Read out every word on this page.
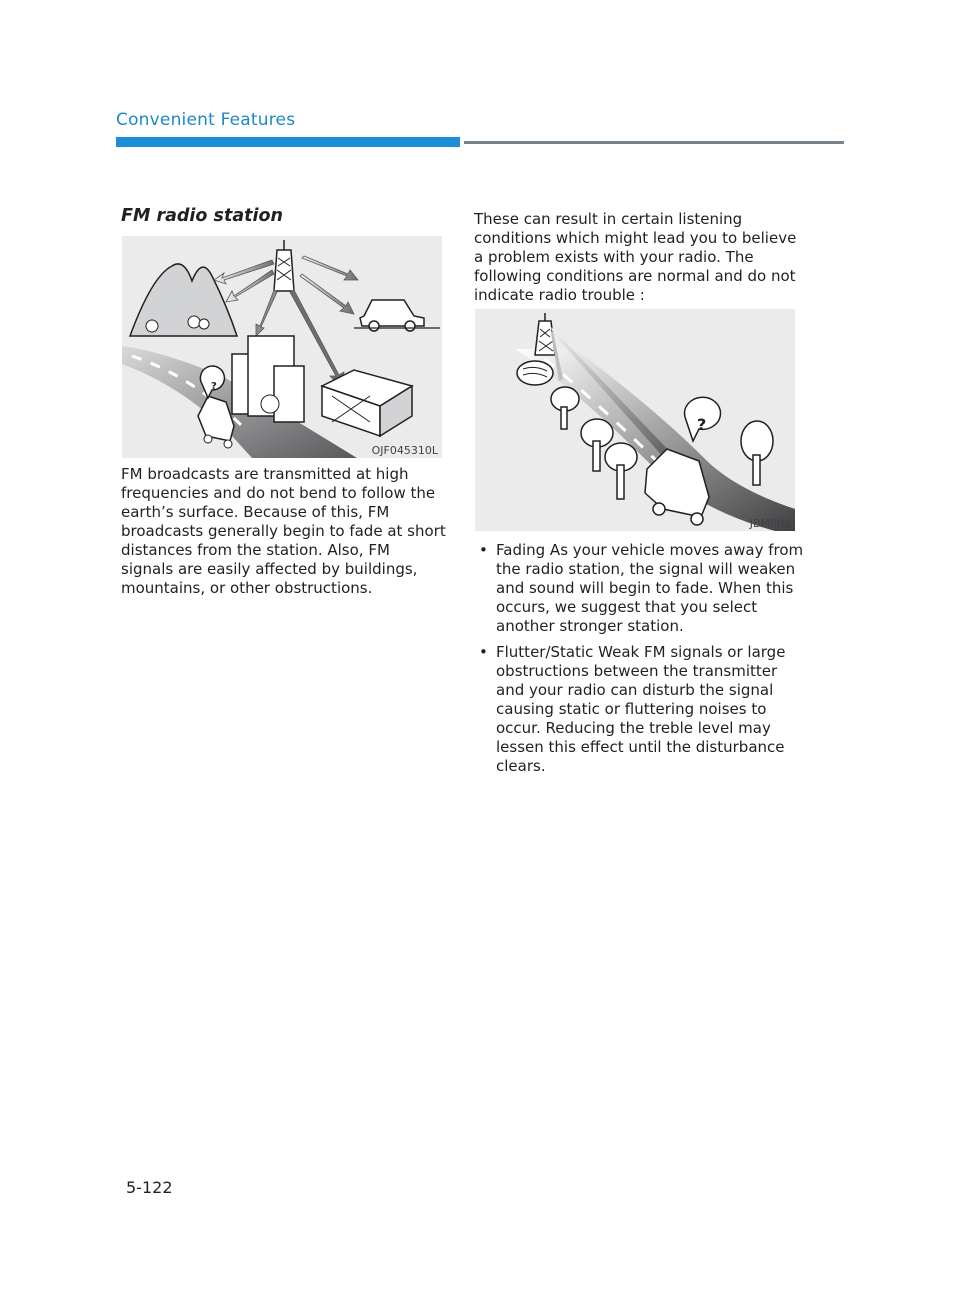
Convenient Features
FM radio station
?
OJF045310L

FM broadcasts are transmitted at high frequencies and do not bend to follow the earth’s surface. Because of this, FM broadcasts generally begin to fade at short distances from the station. Also, FM signals are easily affected by buildings, mountains, or other obstructions.

These can result in certain listening conditions which might lead you to believe a problem exists with your radio. The following conditions are normal and do not indicate radio trouble :

?
JBM004
• Fading As your vehicle moves away from the radio station, the signal will weaken and sound will begin to fade. When this occurs, we suggest that you select another stronger station.
• Flutter/Static Weak FM signals or large obstructions between the transmitter and your radio can disturb the signal causing static or fluttering noises to occur. Reducing the treble level may lessen this effect until the disturbance clears.
5-122
